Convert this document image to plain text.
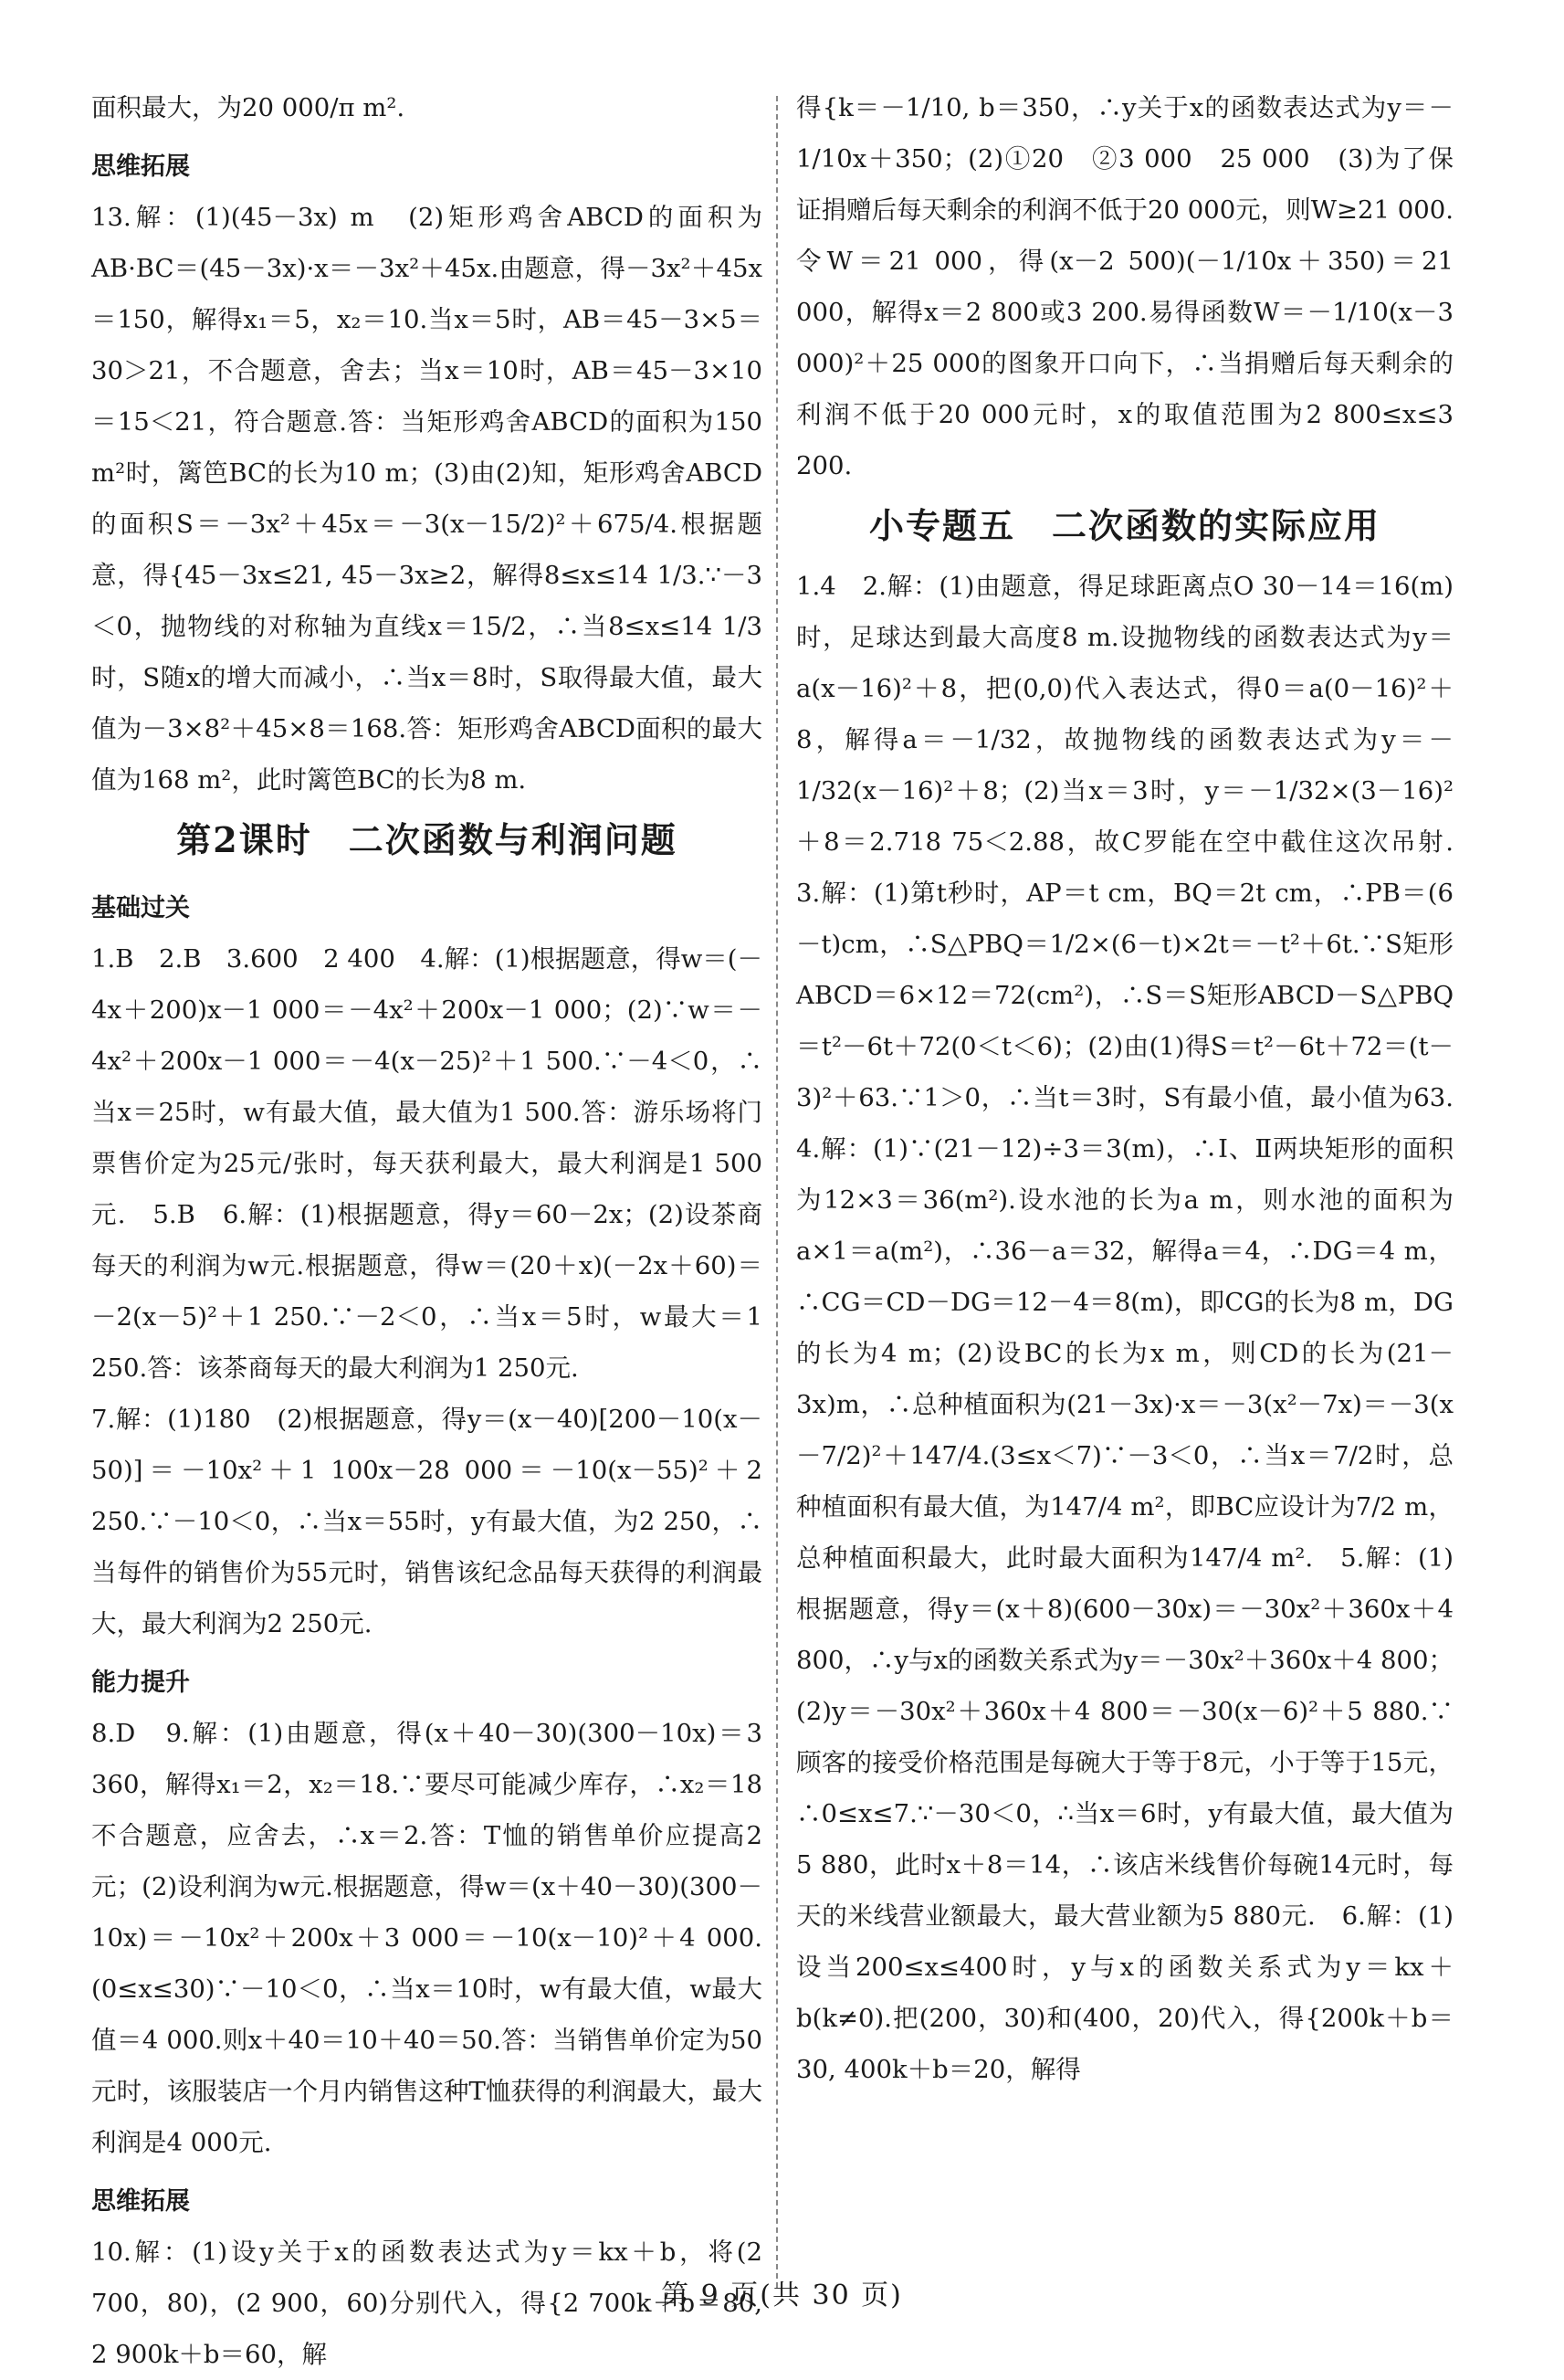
面积最大，为20 000/π m².

思维拓展

13.解：(1)(45－3x) m　(2)矩形鸡舍ABCD的面积为AB·BC＝(45－3x)·x＝－3x²＋45x.由题意，得－3x²＋45x＝150，解得x₁＝5，x₂＝10.当x＝5时，AB＝45－3×5＝30＞21，不合题意，舍去；当x＝10时，AB＝45－3×10＝15＜21，符合题意.答：当矩形鸡舍ABCD的面积为150 m²时，篱笆BC的长为10 m；(3)由(2)知，矩形鸡舍ABCD的面积S＝－3x²＋45x＝－3(x－15/2)²＋675/4.根据题意，得{45－3x≤21, 45－3x≥2，解得8≤x≤14 1/3.∵－3＜0，抛物线的对称轴为直线x＝15/2，∴当8≤x≤14 1/3时，S随x的增大而减小，∴当x＝8时，S取得最大值，最大值为－3×8²＋45×8＝168.答：矩形鸡舍ABCD面积的最大值为168 m²，此时篱笆BC的长为8 m.

第2课时　二次函数与利润问题

基础过关

1.B　2.B　3.600　2 400　4.解：(1)根据题意，得w＝(－4x＋200)x－1 000＝－4x²＋200x－1 000；(2)∵w＝－4x²＋200x－1 000＝－4(x－25)²＋1 500.∵－4＜0，∴当x＝25时，w有最大值，最大值为1 500.答：游乐场将门票售价定为25元/张时，每天获利最大，最大利润是1 500元.　5.B　6.解：(1)根据题意，得y＝60－2x；(2)设茶商每天的利润为w元.根据题意，得w＝(20＋x)(－2x＋60)＝－2(x－5)²＋1 250.∵－2＜0，∴当x＝5时，w最大＝1 250.答：该茶商每天的最大利润为1 250元.

7.解：(1)180　(2)根据题意，得y＝(x－40)[200－10(x－50)]＝－10x²＋1 100x－28 000＝－10(x－55)²＋2 250.∵－10＜0，∴当x＝55时，y有最大值，为2 250，∴当每件的销售价为55元时，销售该纪念品每天获得的利润最大，最大利润为2 250元.

能力提升

8.D　9.解：(1)由题意，得(x＋40－30)(300－10x)＝3 360，解得x₁＝2，x₂＝18.∵要尽可能减少库存，∴x₂＝18不合题意，应舍去，∴x＝2.答：T恤的销售单价应提高2元；(2)设利润为w元.根据题意，得w＝(x＋40－30)(300－10x)＝－10x²＋200x＋3 000＝－10(x－10)²＋4 000.(0≤x≤30)∵－10＜0，∴当x＝10时，w有最大值，w最大值＝4 000.则x＋40＝10＋40＝50.答：当销售单价定为50元时，该服装店一个月内销售这种T恤获得的利润最大，最大利润是4 000元.

思维拓展

10.解：(1)设y关于x的函数表达式为y＝kx＋b，将(2 700，80)，(2 900，60)分别代入，得{2 700k＋b＝80, 2 900k＋b＝60，解

得{k＝－1/10, b＝350，∴y关于x的函数表达式为y＝－1/10x＋350；(2)①20　②3 000　25 000　(3)为了保证捐赠后每天剩余的利润不低于20 000元，则W≥21 000.令W＝21 000，得(x－2 500)(－1/10x＋350)＝21 000，解得x＝2 800或3 200.易得函数W＝－1/10(x－3 000)²＋25 000的图象开口向下，∴当捐赠后每天剩余的利润不低于20 000元时，x的取值范围为2 800≤x≤3 200.

小专题五　二次函数的实际应用

1.4　2.解：(1)由题意，得足球距离点O 30－14＝16(m)时，足球达到最大高度8 m.设抛物线的函数表达式为y＝a(x－16)²＋8，把(0,0)代入表达式，得0＝a(0－16)²＋8，解得a＝－1/32，故抛物线的函数表达式为y＝－1/32(x－16)²＋8；(2)当x＝3时，y＝－1/32×(3－16)²＋8＝2.718 75＜2.88，故C罗能在空中截住这次吊射.　3.解：(1)第t秒时，AP＝t cm，BQ＝2t cm，∴PB＝(6－t)cm，∴S△PBQ＝1/2×(6－t)×2t＝－t²＋6t.∵S矩形ABCD＝6×12＝72(cm²)，∴S＝S矩形ABCD－S△PBQ＝t²－6t＋72(0＜t＜6)；(2)由(1)得S＝t²－6t＋72＝(t－3)²＋63.∵1＞0，∴当t＝3时，S有最小值，最小值为63.　4.解：(1)∵(21－12)÷3＝3(m)，∴Ⅰ、Ⅱ两块矩形的面积为12×3＝36(m²).设水池的长为a m，则水池的面积为a×1＝a(m²)，∴36－a＝32，解得a＝4，∴DG＝4 m，∴CG＝CD－DG＝12－4＝8(m)，即CG的长为8 m，DG的长为4 m；(2)设BC的长为x m，则CD的长为(21－3x)m，∴总种植面积为(21－3x)·x＝－3(x²－7x)＝－3(x－7/2)²＋147/4.(3≤x＜7)∵－3＜0，∴当x＝7/2时，总种植面积有最大值，为147/4 m²，即BC应设计为7/2 m，总种植面积最大，此时最大面积为147/4 m².　5.解：(1)根据题意，得y＝(x＋8)(600－30x)＝－30x²＋360x＋4 800，∴y与x的函数关系式为y＝－30x²＋360x＋4 800；(2)y＝－30x²＋360x＋4 800＝－30(x－6)²＋5 880.∵顾客的接受价格范围是每碗大于等于8元，小于等于15元，∴0≤x≤7.∵－30＜0，∴当x＝6时，y有最大值，最大值为5 880，此时x＋8＝14，∴该店米线售价每碗14元时，每天的米线营业额最大，最大营业额为5 880元.　6.解：(1)设当200≤x≤400时，y与x的函数关系式为y＝kx＋b(k≠0).把(200，30)和(400，20)代入，得{200k＋b＝30, 400k＋b＝20，解得

第 9 页(共 30 页)
